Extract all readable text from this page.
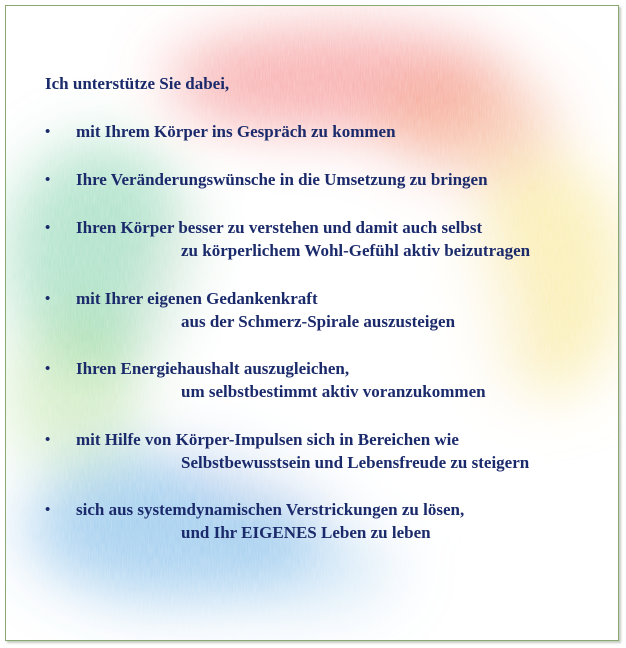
Ich unterstütze Sie dabei,
• mit Ihrem Körper ins Gespräch zu kommen
• Ihre Veränderungswünsche in die Umsetzung zu bringen
• Ihren Körper besser zu verstehen und damit auch selbst
zu körperlichem Wohl-Gefühl aktiv beizutragen
• mit Ihrer eigenen Gedankenkraft
aus der Schmerz-Spirale auszusteigen
• Ihren Energiehaushalt auszugleichen,
um selbstbestimmt aktiv voranzukommen
• mit Hilfe von Körper-Impulsen sich in Bereichen wie
Selbstbewusstsein und Lebensfreude zu steigern
• sich aus systemdynamischen Verstrickungen zu lösen,
und Ihr EIGENES Leben zu leben
